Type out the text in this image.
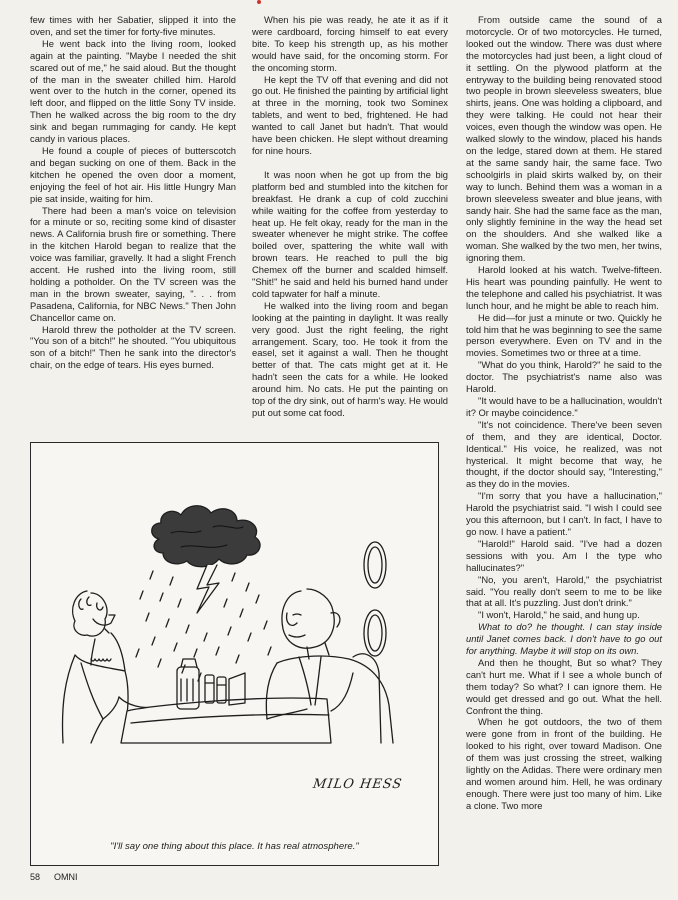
few times with her Sabatier, slipped it into the oven, and set the timer for forty-five minutes.

He went back into the living room, looked again at the painting. "Maybe I needed the shit scared out of me," he said aloud. But the thought of the man in the sweater chilled him. Harold went over to the hutch in the corner, opened its left door, and flipped on the little Sony TV inside. Then he walked across the big room to the dry sink and began rummaging for candy. He kept candy in various places.

He found a couple of pieces of butterscotch and began sucking on one of them. Back in the kitchen he opened the oven door a moment, enjoying the feel of hot air. His little Hungry Man pie sat inside, waiting for him.

There had been a man's voice on television for a minute or so, reciting some kind of disaster news. A California brush fire or something. There in the kitchen Harold began to realize that the voice was familiar, gravelly. It had a slight French accent. He rushed into the living room, still holding a potholder. On the TV screen was the man in the brown sweater, saying, ". . . from Pasadena, California, for NBC News." Then John Chancellor came on.

Harold threw the potholder at the TV screen. "You son of a bitch!" he shouted. "You ubiquitous son of a bitch!" Then he sank into the director's chair, on the edge of tears. His eyes burned.

When his pie was ready, he ate it as if it were cardboard, forcing himself to eat every bite. To keep his strength up, as his mother would have said, for the oncoming storm. For the oncoming storm.

He kept the TV off that evening and did not go out. He finished the painting by artificial light at three in the morning, took two Sominex tablets, and went to bed, frightened. He had wanted to call Janet but hadn't. That would have been chicken. He slept without dreaming for nine hours.

It was noon when he got up from the big platform bed and stumbled into the kitchen for breakfast. He drank a cup of cold zucchini while waiting for the coffee from yesterday to heat up. He felt okay, ready for the man in the sweater whenever he might strike. The coffee boiled over, spattering the white wall with brown tears. He reached to pull the big Chemex off the burner and scalded himself. "Shit!" he said and held his burned hand under cold tapwater for half a minute.

He walked into the living room and began looking at the painting in daylight. It was really very good. Just the right feeling, the right arrangement. Scary, too. He took it from the easel, set it against a wall. Then he thought better of that. The cats might get at it. He hadn't seen the cats for a while. He looked around him. No cats. He put the painting on top of the dry sink, out of harm's way. He would put out some cat food.

From outside came the sound of a motorcycle. Or of two motorcycles. He turned, looked out the window. There was dust where the motorcycles had just been, a light cloud of it settling. On the plywood platform at the entryway to the building being renovated stood two people in brown sleeveless sweaters, blue shirts, jeans. One was holding a clipboard, and they were talking. He could not hear their voices, even though the window was open. He walked slowly to the window, placed his hands on the ledge, stared down at them. He stared at the same sandy hair, the same face. Two schoolgirls in plaid skirts walked by, on their way to lunch. Behind them was a woman in a brown sleeveless sweater and blue jeans, with sandy hair. She had the same face as the man, only slightly feminine in the way the head set on the shoulders. And she walked like a woman. She walked by the two men, her twins, ignoring them.

Harold looked at his watch. Twelve-fifteen. His heart was pounding painfully. He went to the telephone and called his psychiatrist. It was lunch hour, and he might be able to reach him.

He did—for just a minute or two. Quickly he told him that he was beginning to see the same person everywhere. Even on TV and in the movies. Sometimes two or three at a time.

"What do you think, Harold?" he said to the doctor. The psychiatrist's name also was Harold.

"It would have to be a hallucination, wouldn't it? Or maybe coincidence."

"It's not coincidence. There've been seven of them, and they are identical, Doctor. Identical." His voice, he realized, was not hysterical. It might become that way, he thought, if the doctor should say, "Interesting," as they do in the movies.

"I'm sorry that you have a hallucination," Harold the psychiatrist said. "I wish I could see you this afternoon, but I can't. In fact, I have to go now. I have a patient."

"Harold!" Harold said. "I've had a dozen sessions with you. Am I the type who hallucinates?"

"No, you aren't, Harold," the psychiatrist said. "You really don't seem to me to be like that at all. It's puzzling. Just don't drink."

"I won't, Harold," he said, and hung up.

What to do? he thought. I can stay inside until Janet comes back. I don't have to go out for anything. Maybe it will stop on its own.

And then he thought, But so what? They can't hurt me. What if I see a whole bunch of them today? So what? I can ignore them. He would get dressed and go out. What the hell. Confront the thing.

When he got outdoors, the two of them were gone from in front of the building. He looked to his right, over toward Madison. One of them was just crossing the street, walking lightly on the Adidas. There were ordinary men and women around him. Hell, he was ordinary enough. There were just too many of him. Like a clone. Two more

MILO HESS
"I'll say one thing about this place. It has real atmosphere."
58 OMNI
